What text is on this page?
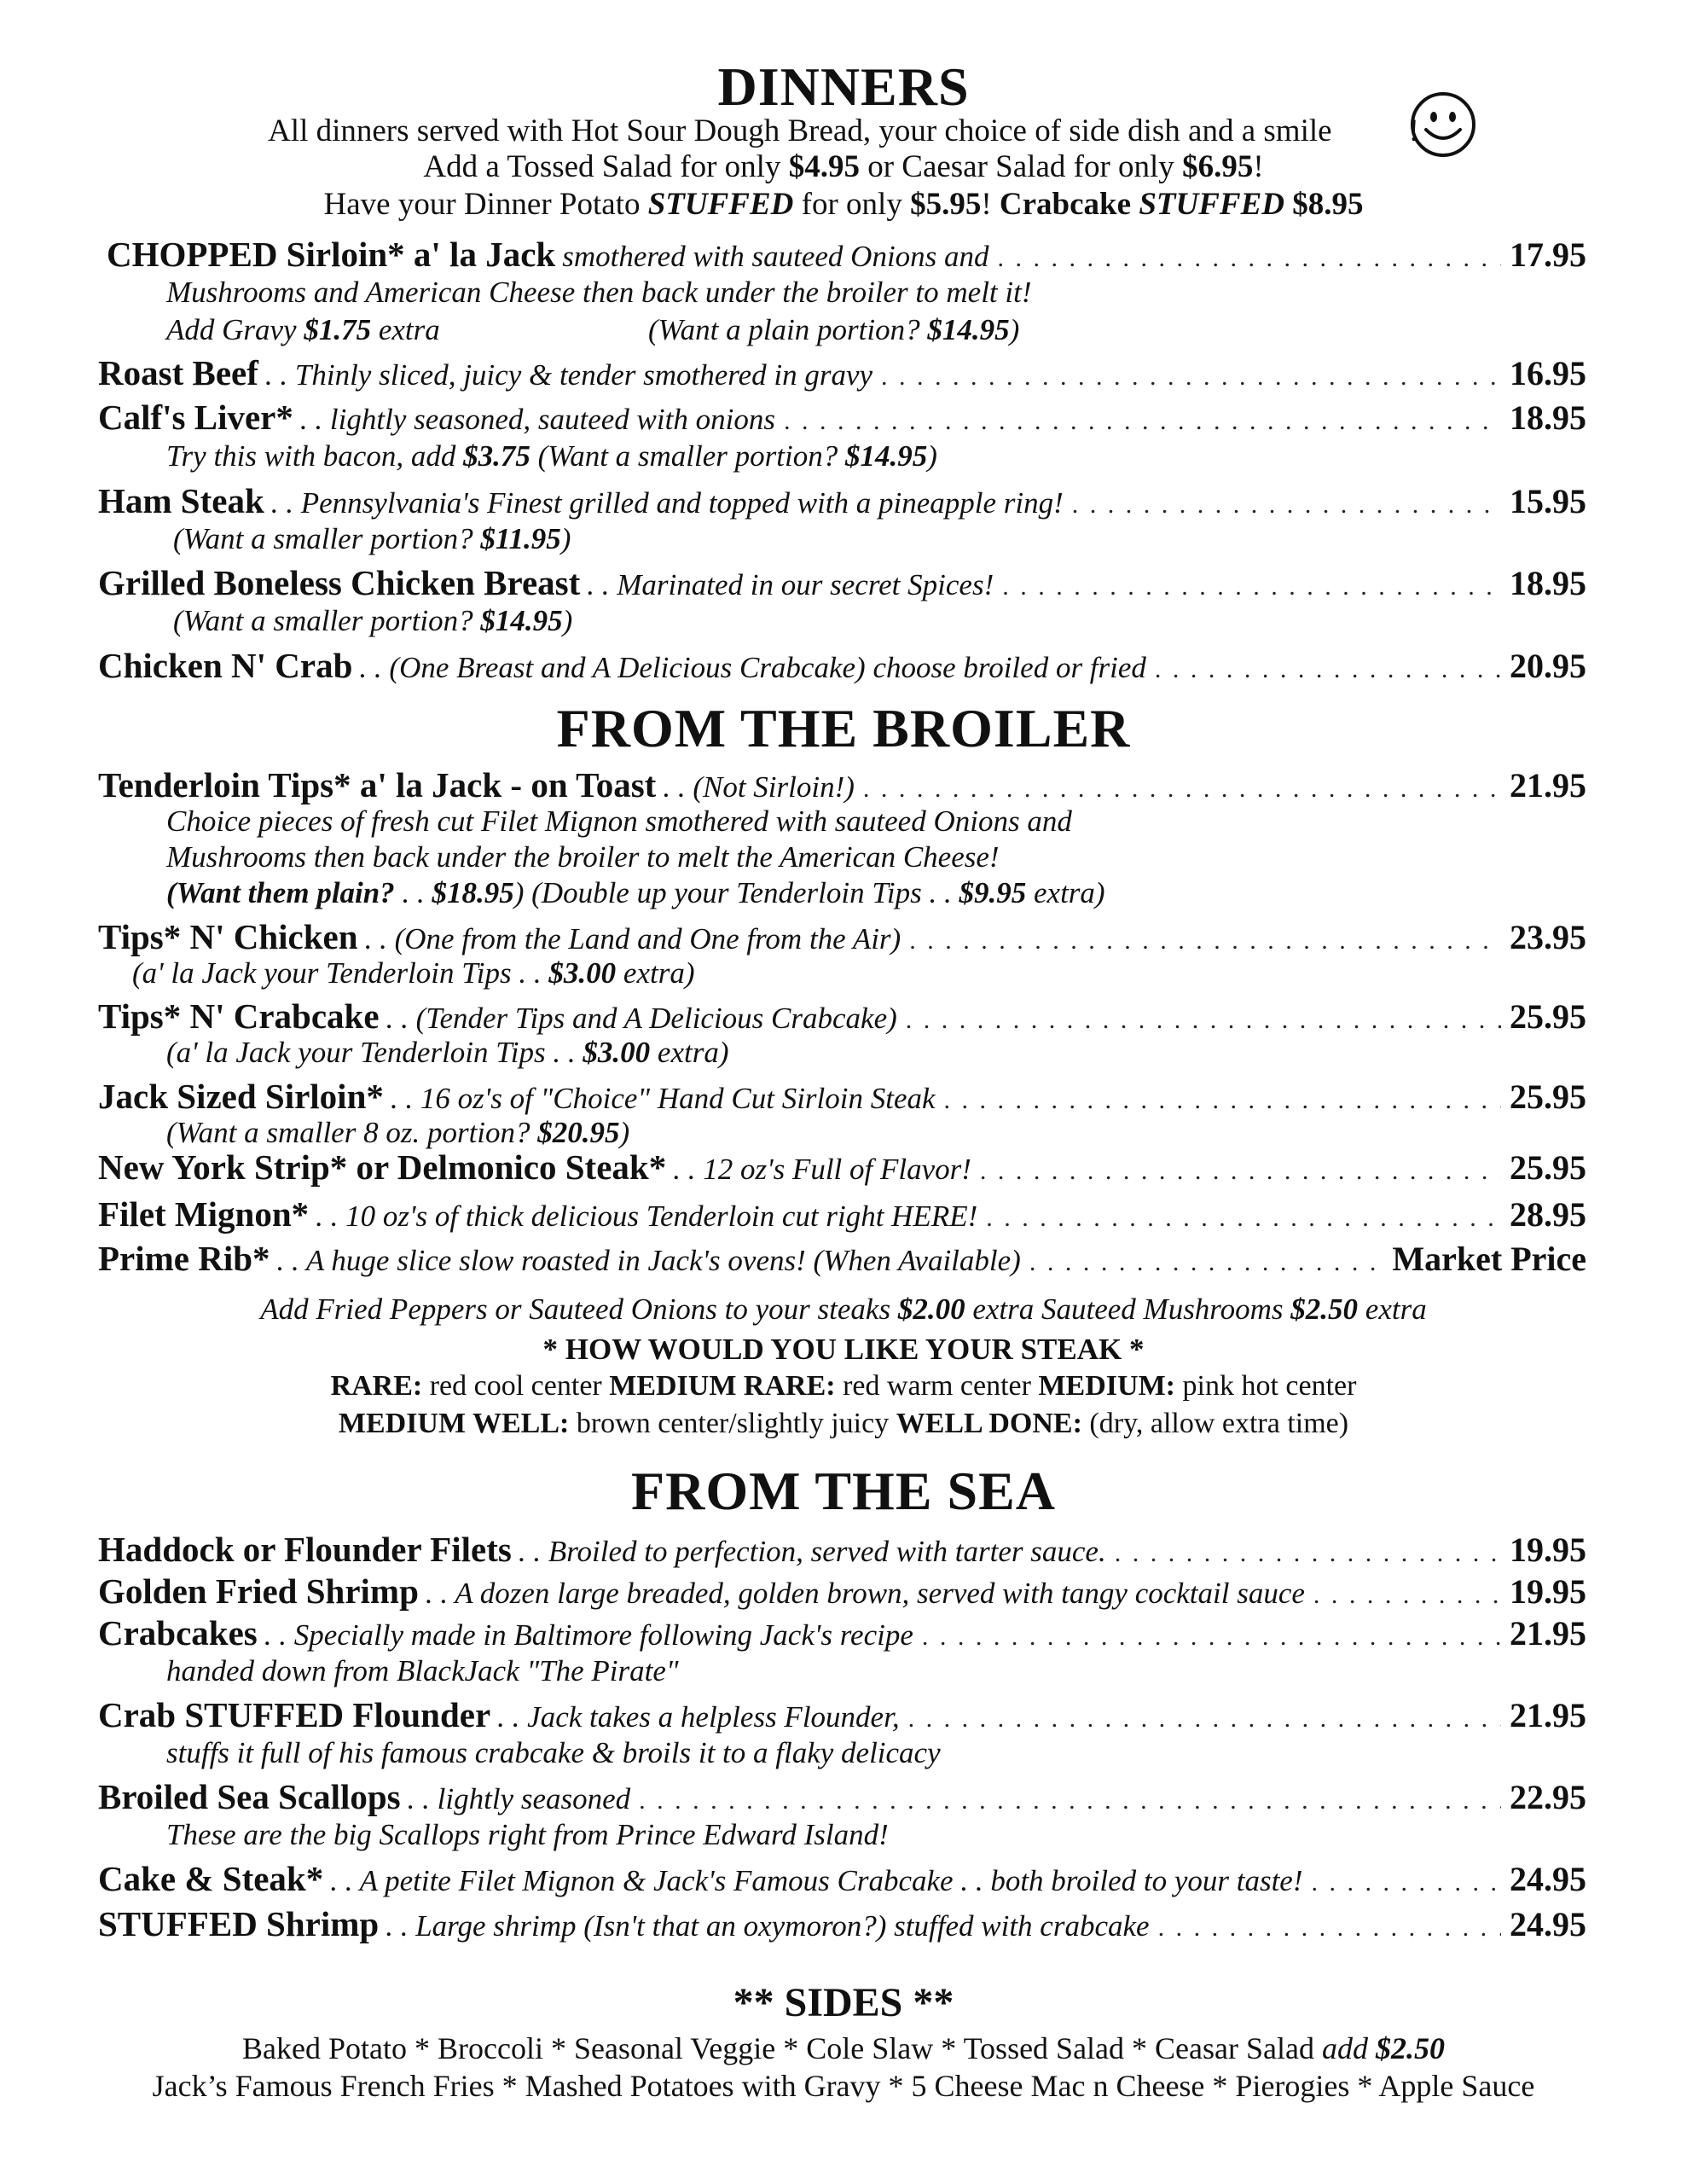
DINNERS
All dinners served with Hot Sour Dough Bread, your choice of side dish and a smile !
Add a Tossed Salad for only $4.95 or Caesar Salad for only $6.95!
Have your Dinner Potato STUFFED for only $5.95! Crabcake STUFFED $8.95
CHOPPED Sirloin* a' la Jack smothered with sauteed Onions and . . .	17.95
Mushrooms and American Cheese then back under the broiler to melt it!
Add Gravy $1.75 extra	(Want a plain portion? $14.95)
Roast Beef . . Thinly sliced, juicy & tender smothered in gravy . . .	16.95
Calf's Liver* . . lightly seasoned, sauteed with onions . . .	18.95
Try this with bacon, add $3.75 (Want a smaller portion? $14.95)
Ham Steak . . Pennsylvania's Finest grilled and topped with a pineapple ring! . . .	15.95
(Want a smaller portion? $11.95)
Grilled Boneless Chicken Breast . . Marinated in our secret Spices! . . .	18.95
(Want a smaller portion? $14.95)
Chicken N' Crab . . (One Breast and A Delicious Crabcake) choose broiled or fried . . .	20.95
FROM THE BROILER
Tenderloin Tips* a' la Jack - on Toast . . (Not Sirloin!) . . .	21.95
Choice pieces of fresh cut Filet Mignon smothered with sauteed Onions and
Mushrooms then back under the broiler to melt the American Cheese!
(Want them plain? . . $18.95) (Double up your Tenderloin Tips . . $9.95 extra)
Tips* N' Chicken . . (One from the Land and One from the Air) . . .	23.95
(a' la Jack your Tenderloin Tips . . $3.00 extra)
Tips* N' Crabcake . . (Tender Tips and A Delicious Crabcake) . . .	25.95
(a' la Jack your Tenderloin Tips . . $3.00 extra)
Jack Sized Sirloin* . . 16 oz's of "Choice" Hand Cut Sirloin Steak . . .	25.95
(Want a smaller 8 oz. portion? $20.95)
New York Strip* or Delmonico Steak* . . 12 oz's Full of Flavor! . . .	25.95
Filet Mignon* . . 10 oz's of thick delicious Tenderloin cut right HERE! . . .	28.95
Prime Rib* . . A huge slice slow roasted in Jack's ovens! (When Available) . . .	Market Price
Add Fried Peppers or Sauteed Onions to your steaks $2.00 extra Sauteed Mushrooms $2.50 extra
* HOW WOULD YOU LIKE YOUR STEAK *
RARE: red cool center MEDIUM RARE: red warm center MEDIUM: pink hot center
MEDIUM WELL: brown center/slightly juicy WELL DONE: (dry, allow extra time)
FROM THE SEA
Haddock or Flounder Filets . . Broiled to perfection, served with tarter sauce. . . .	19.95
Golden Fried Shrimp . . A dozen large breaded, golden brown, served with tangy cocktail sauce . . .	19.95
Crabcakes . . Specially made in Baltimore following Jack's recipe . . .	21.95
handed down from BlackJack "The Pirate"
Crab STUFFED Flounder . . Jack takes a helpless Flounder, . . .	21.95
stuffs it full of his famous crabcake & broils it to a flaky delicacy
Broiled Sea Scallops . . lightly seasoned . . .	22.95
These are the big Scallops right from Prince Edward Island!
Cake & Steak* . . A petite Filet Mignon & Jack's Famous Crabcake . . both broiled to your taste! . . .	24.95
STUFFED Shrimp . . Large shrimp (Isn't that an oxymoron?) stuffed with crabcake . . .	24.95
** SIDES **
Baked Potato * Broccoli * Seasonal Veggie * Cole Slaw * Tossed Salad * Ceasar Salad add $2.50
Jack’s Famous French Fries * Mashed Potatoes with Gravy * 5 Cheese Mac n Cheese * Pierogies * Apple Sauce
